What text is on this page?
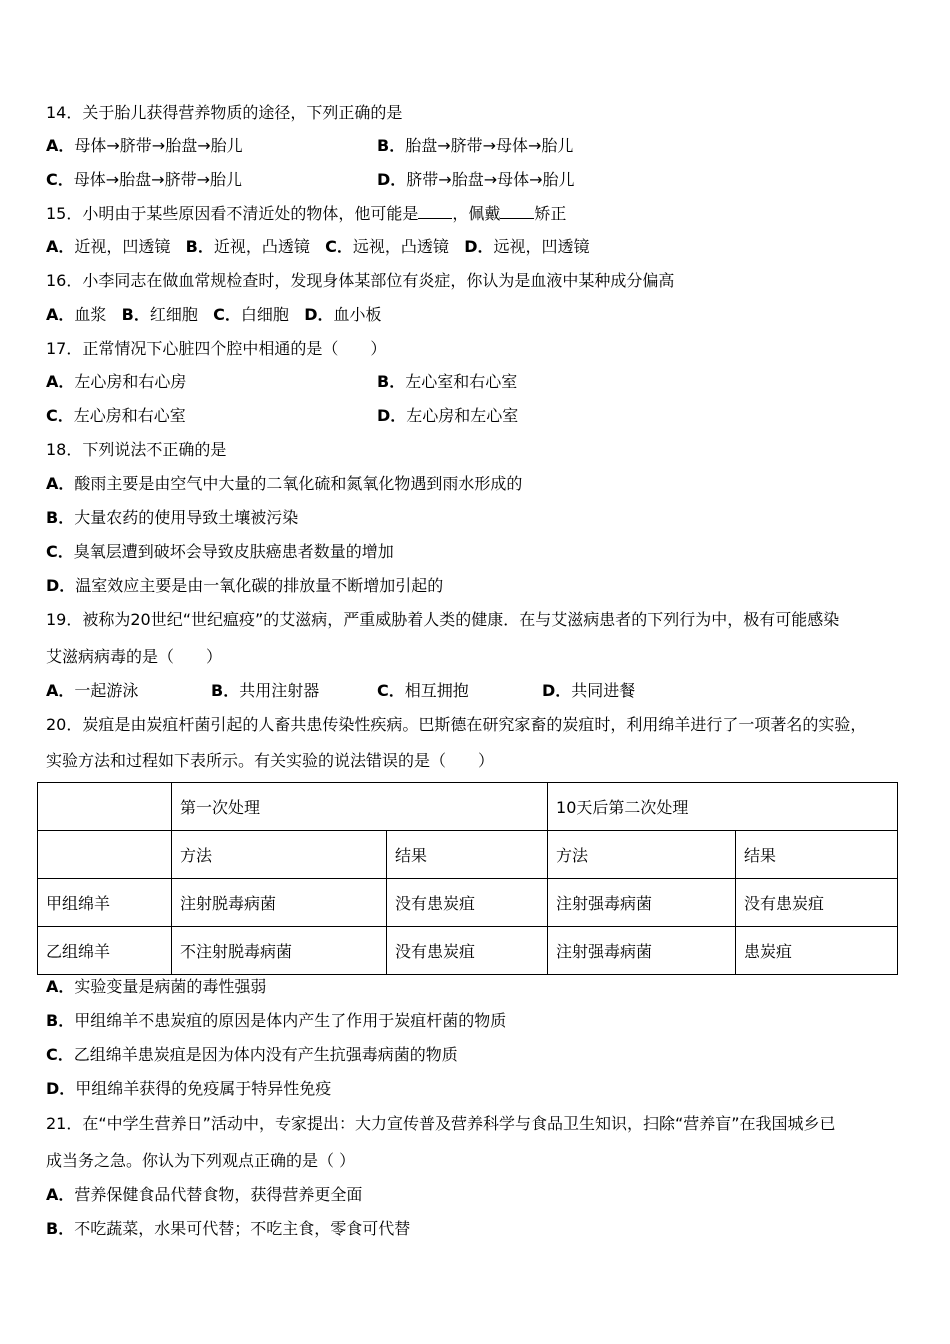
14．关于胎儿获得营养物质的途径，下列正确的是
A．母体→脐带→胎盘→胎儿	B．胎盘→脐带→母体→胎儿
C．母体→胎盘→脐带→胎儿	D．脐带→胎盘→母体→胎儿
15．小明由于某些原因看不清近处的物体，他可能是 ，佩戴 矫正
A．近视，凹透镜 B．近视，凸透镜 C．远视，凸透镜 D．远视，凹透镜
16．小李同志在做血常规检查时，发现身体某部位有炎症，你认为是血液中某种成分偏高
A．血浆 B．红细胞 C．白细胞 D．血小板
17．正常情况下心脏四个腔中相通的是（　　）
A．左心房和右心房	B．左心室和右心室
C．左心房和右心室	D．左心房和左心室
18．下列说法不正确的是
A．酸雨主要是由空气中大量的二氧化硫和氮氧化物遇到雨水形成的
B．大量农药的使用导致土壤被污染
C．臭氧层遭到破坏会导致皮肤癌患者数量的增加
D．温室效应主要是由一氧化碳的排放量不断增加引起的
19．被称为20世纪“世纪瘟疫”的艾滋病，严重威胁着人类的健康．在与艾滋病患者的下列行为中，极有可能感染
艾滋病病毒的是（　　）
A．一起游泳	B．共用注射器	C．相互拥抱	D．共同进餐
20．炭疽是由炭疽杆菌引起的人畜共患传染性疾病。巴斯德在研究家畜的炭疽时，利用绵羊进行了一项著名的实验，
实验方法和过程如下表所示。有关实验的说法错误的是（　　）
	第一次处理		10天后第二次处理	
	方法	结果	方法	结果
甲组绵羊	注射脱毒病菌	没有患炭疽	注射强毒病菌	没有患炭疽
乙组绵羊	不注射脱毒病菌	没有患炭疽	注射强毒病菌	患炭疽
A．实验变量是病菌的毒性强弱
B．甲组绵羊不患炭疽的原因是体内产生了作用于炭疽杆菌的物质
C．乙组绵羊患炭疽是因为体内没有产生抗强毒病菌的物质
D．甲组绵羊获得的免疫属于特异性免疫
21．在“中学生营养日”活动中，专家提出：大力宣传普及营养科学与食品卫生知识，扫除“营养盲”在我国城乡已
成当务之急。你认为下列观点正确的是（ ）
A．营养保健食品代替食物，获得营养更全面
B．不吃蔬菜，水果可代替；不吃主食，零食可代替
